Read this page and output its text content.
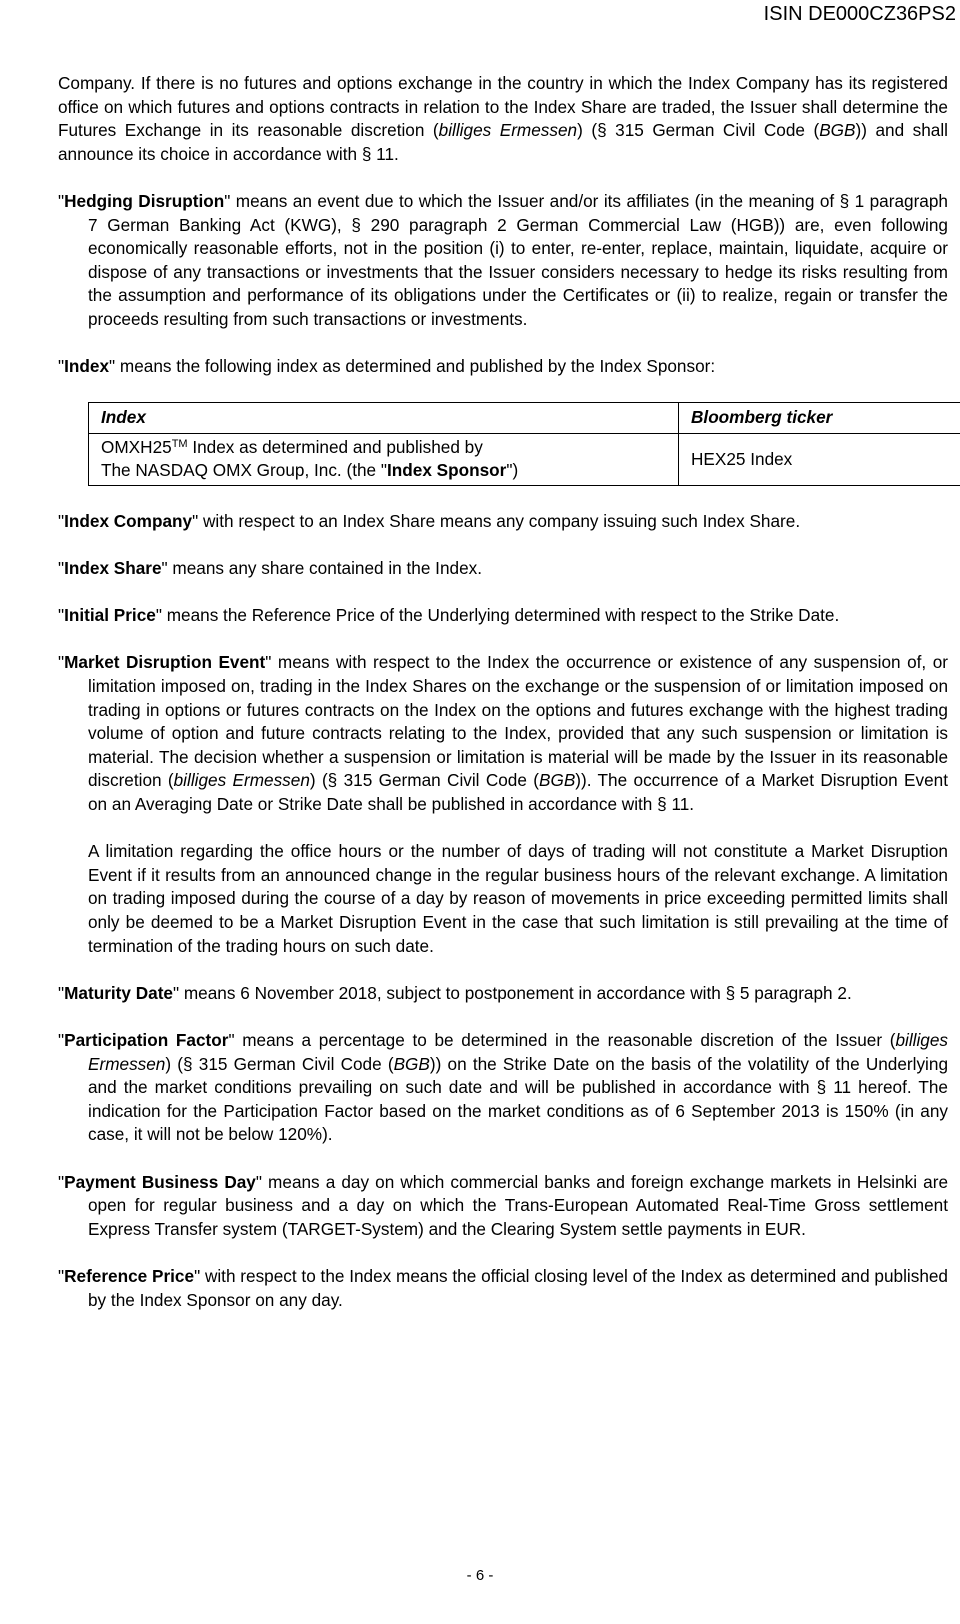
ISIN DE000CZ36PS2

Company. If there is no futures and options exchange in the country in which the Index Company has its registered office on which futures and options contracts in relation to the Index Share are traded, the Issuer shall determine the Futures Exchange in its reasonable discretion (billiges Ermessen) (§ 315 German Civil Code (BGB)) and shall announce its choice in accordance with § 11.

"Hedging Disruption" means an event due to which the Issuer and/or its affiliates (in the meaning of § 1 paragraph 7 German Banking Act (KWG), § 290 paragraph 2 German Commercial Law (HGB)) are, even following economically reasonable efforts, not in the position (i) to enter, re-enter, replace, maintain, liquidate, acquire or dispose of any transactions or investments that the Issuer considers necessary to hedge its risks resulting from the assumption and performance of its obligations under the Certificates or (ii) to realize, regain or transfer the proceeds resulting from such transactions or investments.

"Index" means the following index as determined and published by the Index Sponsor:

Index	Bloomberg ticker
OMXH25™ Index as determined and published by
The NASDAQ OMX Group, Inc. (the "Index Sponsor")	HEX25 Index

"Index Company" with respect to an Index Share means any company issuing such Index Share.

"Index Share" means any share contained in the Index.

"Initial Price" means the Reference Price of the Underlying determined with respect to the Strike Date.

"Market Disruption Event" means with respect to the Index the occurrence or existence of any suspension of, or limitation imposed on, trading in the Index Shares on the exchange or the suspension of or limitation imposed on trading in options or futures contracts on the Index on the options and futures exchange with the highest trading volume of option and future contracts relating to the Index, provided that any such suspension or limitation is material. The decision whether a suspension or limitation is material will be made by the Issuer in its reasonable discretion (billiges Ermessen) (§ 315 German Civil Code (BGB)). The occurrence of a Market Disruption Event on an Averaging Date or Strike Date shall be published in accordance with § 11.

A limitation regarding the office hours or the number of days of trading will not constitute a Market Disruption Event if it results from an announced change in the regular business hours of the relevant exchange. A limitation on trading imposed during the course of a day by reason of movements in price exceeding permitted limits shall only be deemed to be a Market Disruption Event in the case that such limitation is still prevailing at the time of termination of the trading hours on such date.

"Maturity Date" means 6 November 2018, subject to postponement in accordance with § 5 paragraph 2.

"Participation Factor" means a percentage to be determined in the reasonable discretion of the Issuer (billiges Ermessen) (§ 315 German Civil Code (BGB)) on the Strike Date on the basis of the volatility of the Underlying and the market conditions prevailing on such date and will be published in accordance with § 11 hereof. The indication for the Participation Factor based on the market conditions as of 6 September 2013 is 150% (in any case, it will not be below 120%).

"Payment Business Day" means a day on which commercial banks and foreign exchange markets in Helsinki are open for regular business and a day on which the Trans-European Automated Real-Time Gross settlement Express Transfer system (TARGET-System) and the Clearing System settle payments in EUR.

"Reference Price" with respect to the Index means the official closing level of the Index as determined and published by the Index Sponsor on any day.

- 6 -
